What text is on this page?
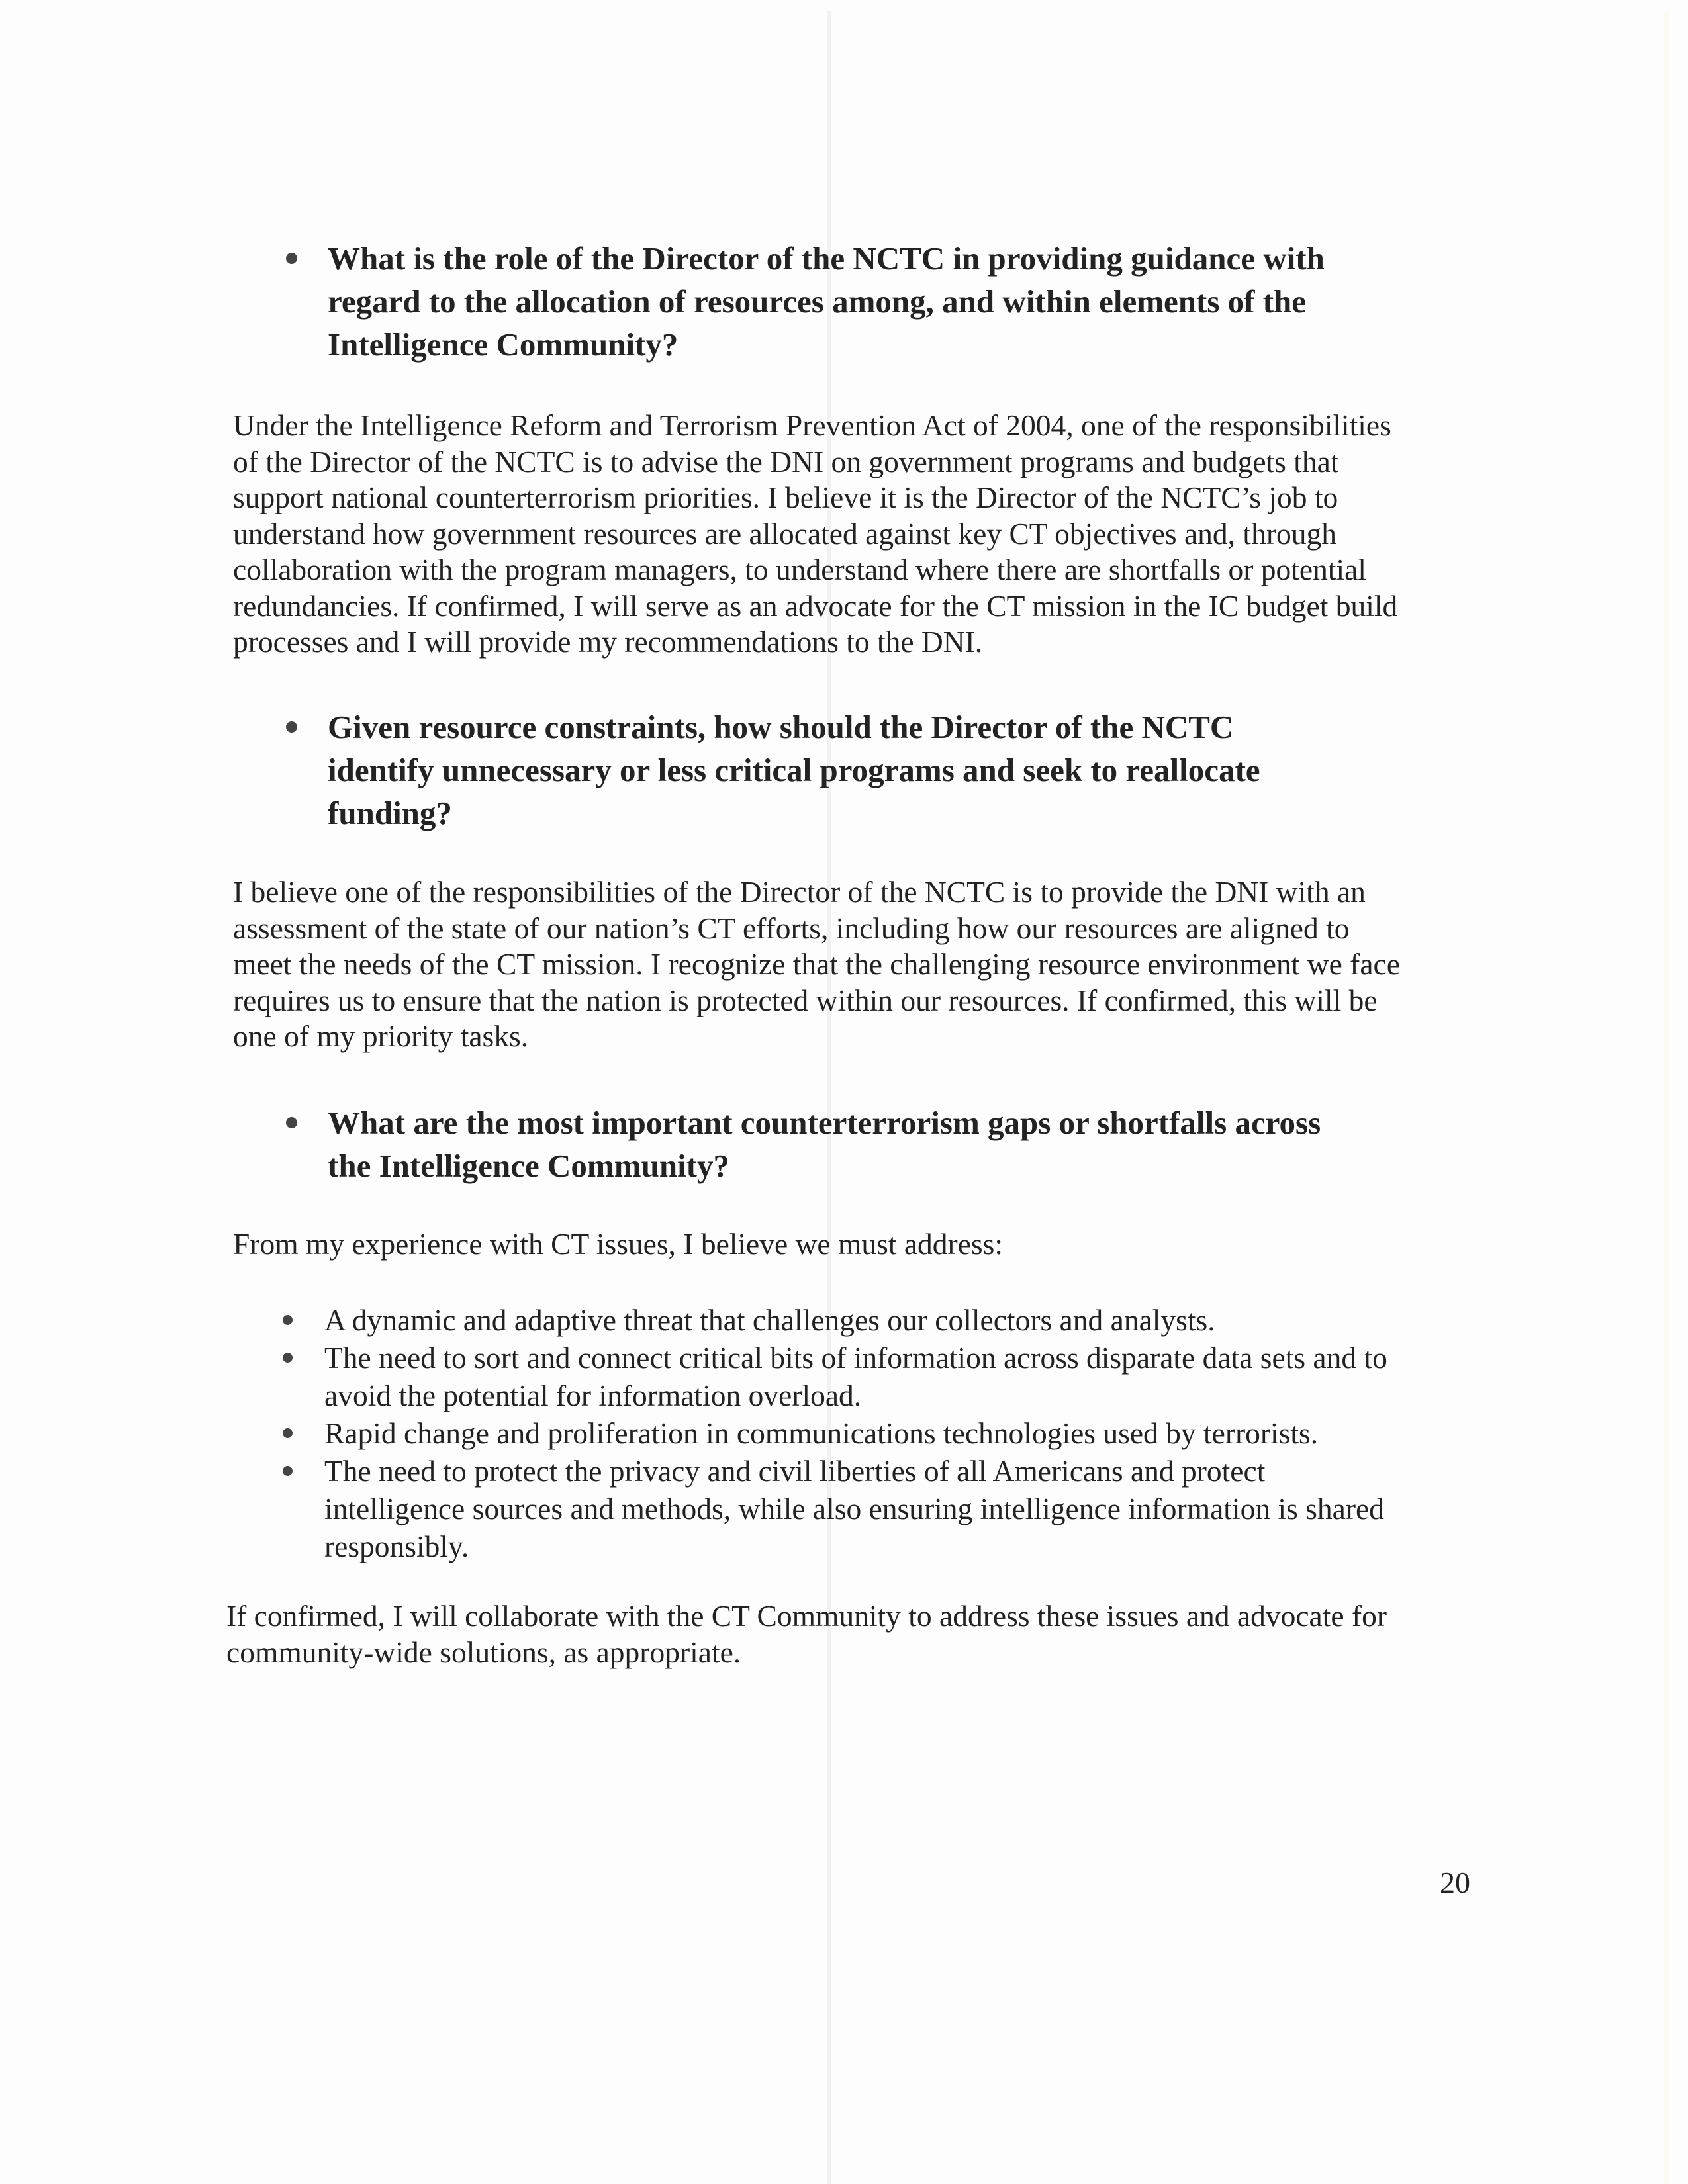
What is the role of the Director of the NCTC in providing guidance with
regard to the allocation of resources among, and within elements of the
Intelligence Community?
Under the Intelligence Reform and Terrorism Prevention Act of 2004, one of the responsibilities
of the Director of the NCTC is to advise the DNI on government programs and budgets that
support national counterterrorism priorities. I believe it is the Director of the NCTC’s job to
understand how government resources are allocated against key CT objectives and, through
collaboration with the program managers, to understand where there are shortfalls or potential
redundancies. If confirmed, I will serve as an advocate for the CT mission in the IC budget build
processes and I will provide my recommendations to the DNI.
Given resource constraints, how should the Director of the NCTC
identify unnecessary or less critical programs and seek to reallocate
funding?
I believe one of the responsibilities of the Director of the NCTC is to provide the DNI with an
assessment of the state of our nation’s CT efforts, including how our resources are aligned to
meet the needs of the CT mission. I recognize that the challenging resource environment we face
requires us to ensure that the nation is protected within our resources. If confirmed, this will be
one of my priority tasks.
What are the most important counterterrorism gaps or shortfalls across
the Intelligence Community?
From my experience with CT issues, I believe we must address:
A dynamic and adaptive threat that challenges our collectors and analysts.
The need to sort and connect critical bits of information across disparate data sets and to
avoid the potential for information overload.
Rapid change and proliferation in communications technologies used by terrorists.
The need to protect the privacy and civil liberties of all Americans and protect
intelligence sources and methods, while also ensuring intelligence information is shared
responsibly.
If confirmed, I will collaborate with the CT Community to address these issues and advocate for
community-wide solutions, as appropriate.
20
